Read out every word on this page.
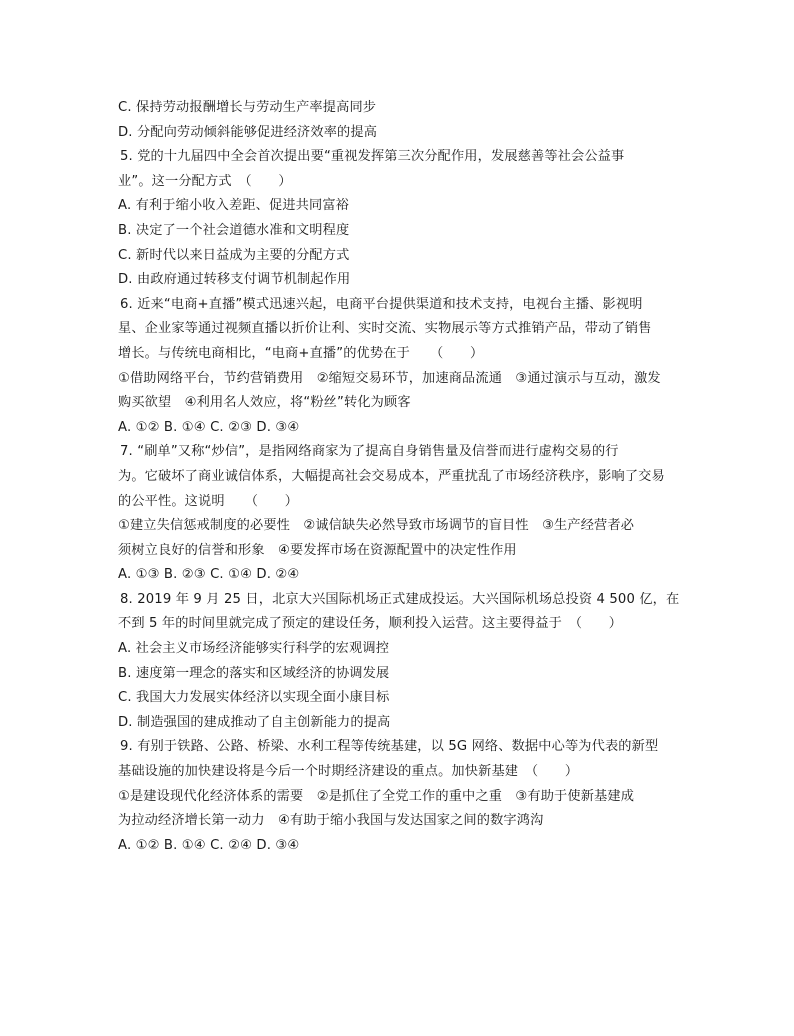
C. 保持劳动报酬增长与劳动生产率提高同步
D. 分配向劳动倾斜能够促进经济效率的提高
5. 党的十九届四中全会首次提出要“重视发挥第三次分配作用，发展慈善等社会公益事
业”。这一分配方式　（　　）
A. 有利于缩小收入差距、促进共同富裕
B. 决定了一个社会道德水准和文明程度
C. 新时代以来日益成为主要的分配方式
D. 由政府通过转移支付调节机制起作用
6. 近来“电商+直播”模式迅速兴起，电商平台提供渠道和技术支持，电视台主播、影视明
星、企业家等通过视频直播以折价让利、实时交流、实物展示等方式推销产品，带动了销售
增长。与传统电商相比，“电商+直播”的优势在于　　（　　）
①借助网络平台，节约营销费用　②缩短交易环节，加速商品流通　③通过演示与互动，激发
购买欲望　④利用名人效应，将“粉丝”转化为顾客
A. ①② B. ①④ C. ②③ D. ③④
7. “刷单”又称“炒信”，是指网络商家为了提高自身销售量及信誉而进行虚构交易的行
为。它破坏了商业诚信体系，大幅提高社会交易成本，严重扰乱了市场经济秩序，影响了交易
的公平性。这说明　　（　　）
①建立失信惩戒制度的必要性　②诚信缺失必然导致市场调节的盲目性　③生产经营者必
须树立良好的信誉和形象　④要发挥市场在资源配置中的决定性作用
A. ①③ B. ②③ C. ①④ D. ②④
8. 2019 年 9 月 25 日，北京大兴国际机场正式建成投运。大兴国际机场总投资 4 500 亿，在
不到 5 年的时间里就完成了预定的建设任务，顺利投入运营。这主要得益于　（　　）
A. 社会主义市场经济能够实行科学的宏观调控
B. 速度第一理念的落实和区域经济的协调发展
C. 我国大力发展实体经济以实现全面小康目标
D. 制造强国的建成推动了自主创新能力的提高
9. 有别于铁路、公路、桥梁、水利工程等传统基建，以 5G 网络、数据中心等为代表的新型
基础设施的加快建设将是今后一个时期经济建设的重点。加快新基建　（　　）
①是建设现代化经济体系的需要　②是抓住了全党工作的重中之重　③有助于使新基建成
为拉动经济增长第一动力　④有助于缩小我国与发达国家之间的数字鸿沟
A. ①② B. ①④ C. ②④ D. ③④
